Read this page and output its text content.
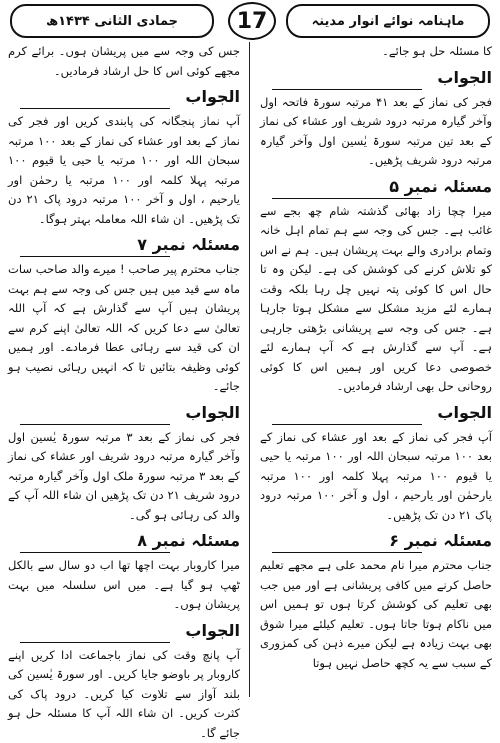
ماہنامہ نوائے انوار مدینہ
17
جمادی الثانی ۱۴۳۴ھ

کا مسئلہ حل ہو جائے۔

الجواب

فجر کی نماز کے بعد ۴۱ مرتبہ سورۃ فاتحہ اول وآخر گیارہ مرتبہ درود شریف اور عشاء کی نماز کے بعد تین مرتبہ سورۃ یٰسین اول وآخر گیارہ مرتبہ درود شریف پڑھیں۔

مسئلہ نمبر ۵

میرا چچا زاد بھائی گذشتہ شام چھ بجے سے غائب ہے۔ جس کی وجہ سے ہم تمام اہل خانہ وتمام برادری والے بہت پریشان ہیں۔ ہم نے اس کو تلاش کرنے کی کوشش کی ہے۔ لیکن وہ تا حال اس کا کوئی پتہ نہیں چل رہا بلکہ وقت ہمارے لئے مزید مشکل سے مشکل ہوتا جارہا ہے۔ جس کی وجہ سے پریشانی بڑھتی جارہی ہے۔ آپ سے گذارش ہے کہ آپ ہمارے لئے خصوصی دعا کریں اور ہمیں اس کا کوئی روحانی حل بھی ارشاد فرمادیں۔

الجواب

آپ فجر کی نماز کے بعد اور عشاء کی نماز کے بعد ۱۰۰ مرتبہ سبحان اللہ اور ۱۰۰ مرتبہ یا حیی یا قیوم ۱۰۰ مرتبہ پہلا کلمہ اور ۱۰۰ مرتبہ یارحمٰن اور یارحیم ، اول و آخر ۱۰۰ مرتبہ درود پاک ۲۱ دن تک پڑھیں۔

مسئلہ نمبر ۶

جناب محترم میرا نام محمد علی ہے مجھے تعلیم حاصل کرنے میں کافی پریشانی ہے اور میں جب بھی تعلیم کی کوشش کرتا ہوں تو ہمیں اس میں ناکام ہوتا جاتا ہوں۔ تعلیم کیلئے میرا شوق بھی بہت زیادہ ہے لیکن میرے ذہن کی کمزوری کے سبب سے یہ کچھ حاصل نہیں ہوتا

جس کی وجہ سے میں پریشان ہوں۔ برائے کرم مجھے کوئی اس کا حل ارشاد فرمادیں۔

الجواب

آپ نماز پنجگانہ کی پابندی کریں اور فجر کی نماز کے بعد اور عشاء کی نماز کے بعد ۱۰۰ مرتبہ سبحان اللہ اور ۱۰۰ مرتبہ یا حیی یا قیوم ۱۰۰ مرتبہ پہلا کلمہ اور ۱۰۰ مرتبہ یا رحمٰن اور یارحیم ، اول و آخر ۱۰۰ مرتبہ درود پاک ۲۱ دن تک پڑھیں۔ ان شاء اللہ معاملہ بہتر ہوگا۔

مسئلہ نمبر ۷

جناب محترم پیر صاحب ! میرے والد صاحب سات ماہ سے قید میں ہیں جس کی وجہ سے ہم بہت پریشان ہیں آپ سے گذارش ہے کہ آپ اللہ تعالیٰ سے دعا کریں کہ اللہ تعالیٰ اپنے کرم سے ان کی قید سے رہائی عطا فرمادے۔ اور ہمیں کوئی وظیفہ بتائیں تا کہ انہیں رہائی نصیب ہو جائے۔

الجواب

فجر کی نماز کے بعد ۳ مرتبہ سورۃ یٰسین اول وآخر گیارہ مرتبہ درود شریف اور عشاء کی نماز کے بعد ۳ مرتبہ سورۃ ملک اول وآخر گیارہ مرتبہ درود شریف ۲۱ دن تک پڑھیں ان شاء اللہ آپ کے والد کی رہائی ہو گی۔

مسئلہ نمبر ۸

میرا کاروبار بہت اچھا تھا اب دو سال سے بالکل ٹھپ ہو گیا ہے۔ میں اس سلسلہ میں بہت پریشان ہوں۔

الجواب

آپ پانچ وقت کی نماز باجماعت ادا کریں اپنے کاروبار پر باوضو جایا کریں۔ اور سورۃ یٰسین کی بلند آواز سے تلاوت کیا کریں۔ درود پاک کی کثرت کریں۔ ان شاء اللہ آپ کا مسئلہ حل ہو جائے گا۔
